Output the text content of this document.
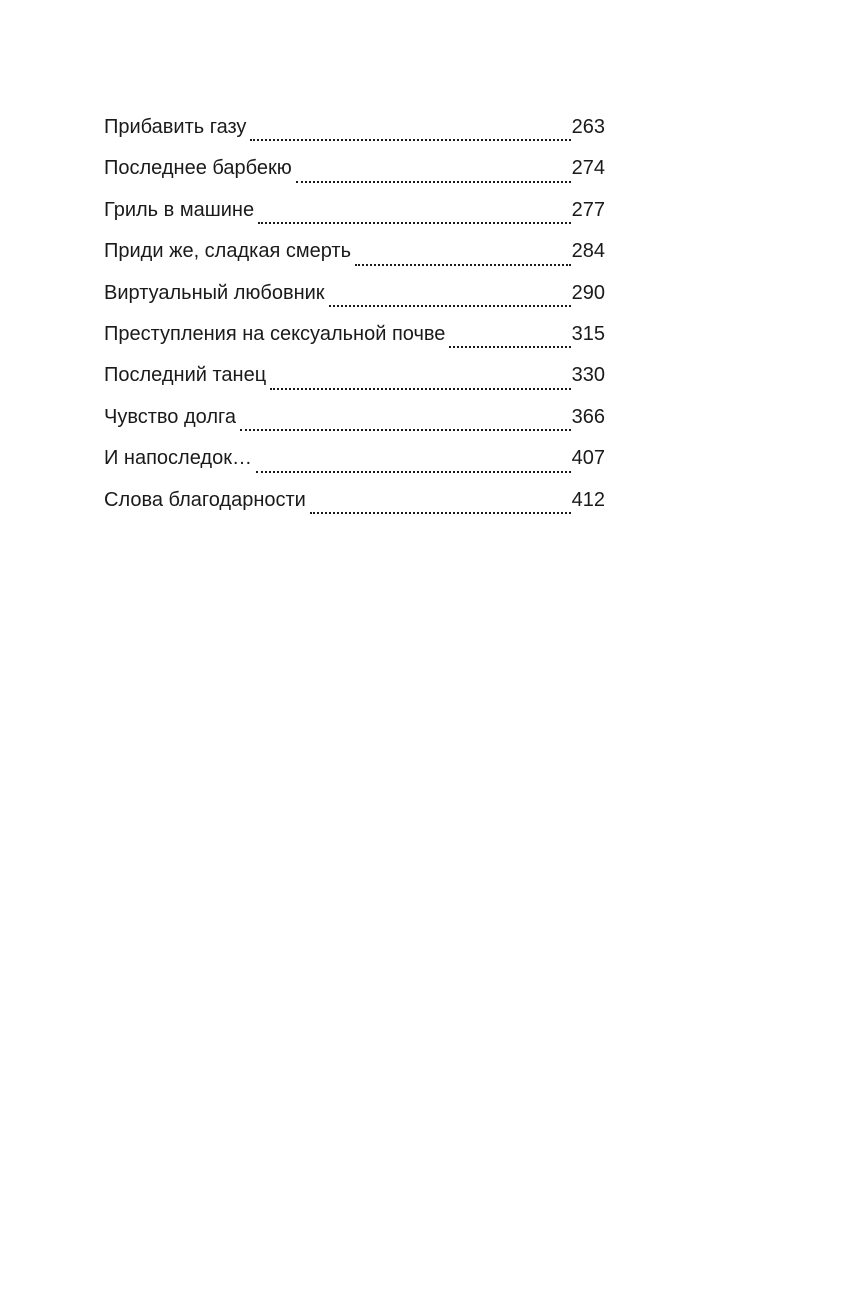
Прибавить газу	263
Последнее барбекю	274
Гриль в машине	277
Приди же, сладкая смерть	284
Виртуальный любовник	290
Преступления на сексуальной почве	315
Последний танец	330
Чувство долга	366
И напоследок…	407
Слова благодарности	412
